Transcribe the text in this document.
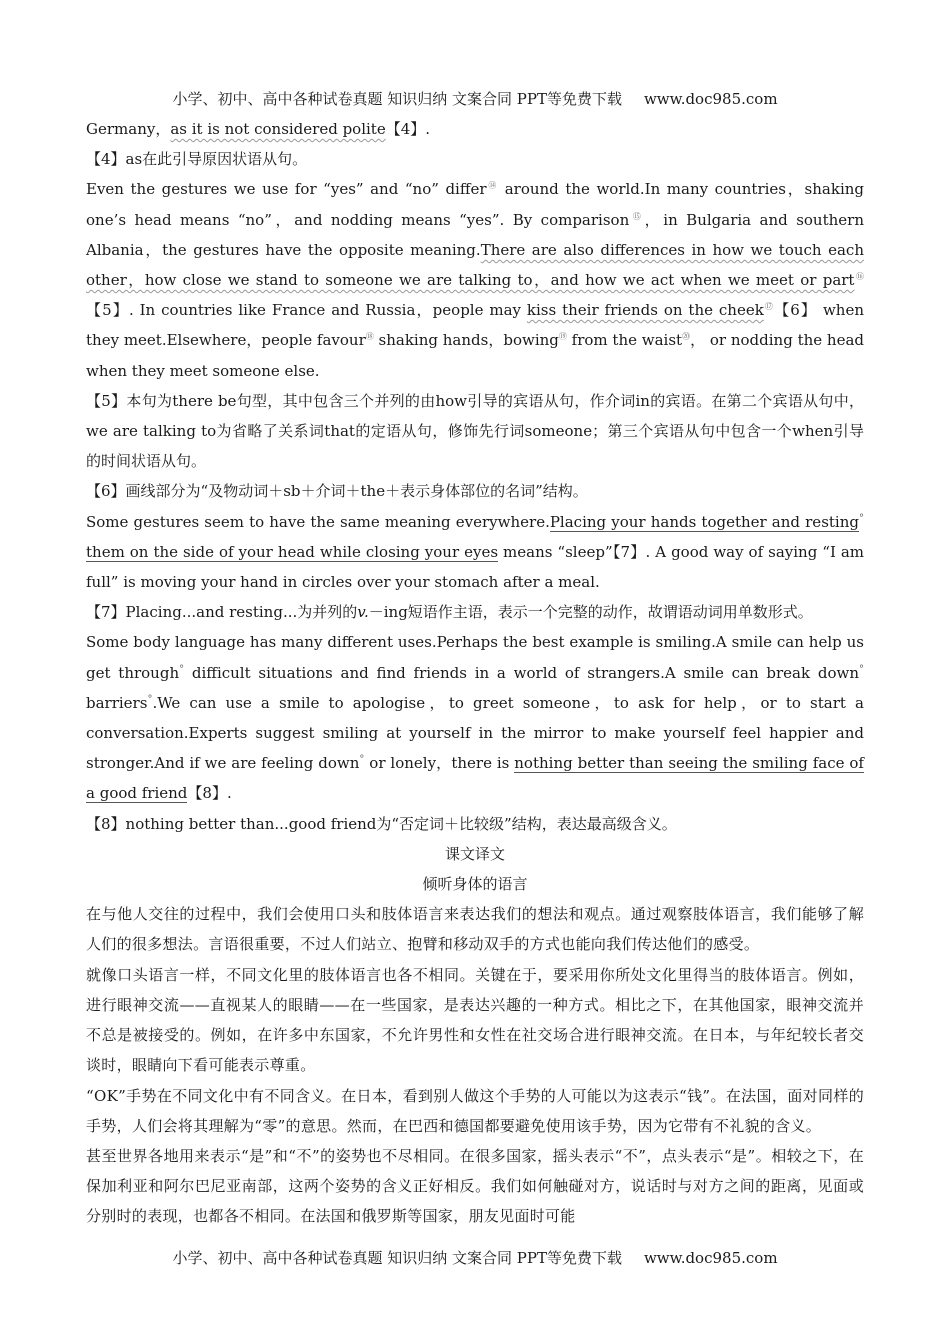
小学、初中、高中各种试卷真题 知识归纳 文案合同 PPT等免费下载 www.doc985.com

Germany，as it is not considered polite【4】.

【4】as在此引导原因状语从句。

Even the gestures we use for “yes” and “no” differ⑭ around the world.In many countries，shaking one’s head means “no”，and nodding means “yes”. By comparison⑮，in Bulgaria and southern Albania，the gestures have the opposite meaning.There are also differences in how we touch each other，how close we stand to someone we are talking to，and how we act when we meet or part⑯【5】. In countries like France and Russia，people may kiss their friends on the cheek⑰【6】 when they meet.Elsewhere，people favour⑱ shaking hands，bowing⑲ from the waist⑳， or nodding the head when they meet someone else.

【5】本句为there be句型，其中包含三个并列的由how引导的宾语从句，作介词in的宾语。在第二个宾语从句中，we are talking to为省略了关系词that的定语从句，修饰先行词someone；第三个宾语从句中包含一个when引导的时间状语从句。

【6】画线部分为“及物动词＋sb＋介词＋the＋表示身体部位的名词”结构。

Some gestures seem to have the same meaning everywhere.Placing your hands together and resting° them on the side of your head while closing your eyes means “sleep”【7】. A good way of saying “I am full” is moving your hand in circles over your stomach after a meal.

【7】Placing...and resting...为并列的v.－ing短语作主语，表示一个完整的动作，故谓语动词用单数形式。

Some body language has many different uses.Perhaps the best example is smiling.A smile can help us get through° difficult situations and find friends in a world of strangers.A smile can break down° barriers°.We can use a smile to apologise，to greet someone，to ask for help，or to start a conversation.Experts suggest smiling at yourself in the mirror to make yourself feel happier and stronger.And if we are feeling down° or lonely，there is nothing better than seeing the smiling face of a good friend【8】.

【8】nothing better than...good friend为“否定词＋比较级”结构，表达最高级含义。

课文译文

倾听身体的语言

在与他人交往的过程中，我们会使用口头和肢体语言来表达我们的想法和观点。通过观察肢体语言，我们能够了解人们的很多想法。言语很重要，不过人们站立、抱臂和移动双手的方式也能向我们传达他们的感受。

就像口头语言一样，不同文化里的肢体语言也各不相同。关键在于，要采用你所处文化里得当的肢体语言。例如，进行眼神交流——直视某人的眼睛——在一些国家，是表达兴趣的一种方式。相比之下，在其他国家，眼神交流并不总是被接受的。例如，在许多中东国家，不允许男性和女性在社交场合进行眼神交流。在日本，与年纪较长者交谈时，眼睛向下看可能表示尊重。

“OK”手势在不同文化中有不同含义。在日本，看到别人做这个手势的人可能以为这表示“钱”。在法国，面对同样的手势，人们会将其理解为“零”的意思。然而，在巴西和德国都要避免使用该手势，因为它带有不礼貌的含义。

甚至世界各地用来表示“是”和“不”的姿势也不尽相同。在很多国家，摇头表示“不”，点头表示“是”。相较之下，在保加利亚和阿尔巴尼亚南部，这两个姿势的含义正好相反。我们如何触碰对方，说话时与对方之间的距离，见面或分别时的表现，也都各不相同。在法国和俄罗斯等国家，朋友见面时可能

小学、初中、高中各种试卷真题 知识归纳 文案合同 PPT等免费下载 www.doc985.com
